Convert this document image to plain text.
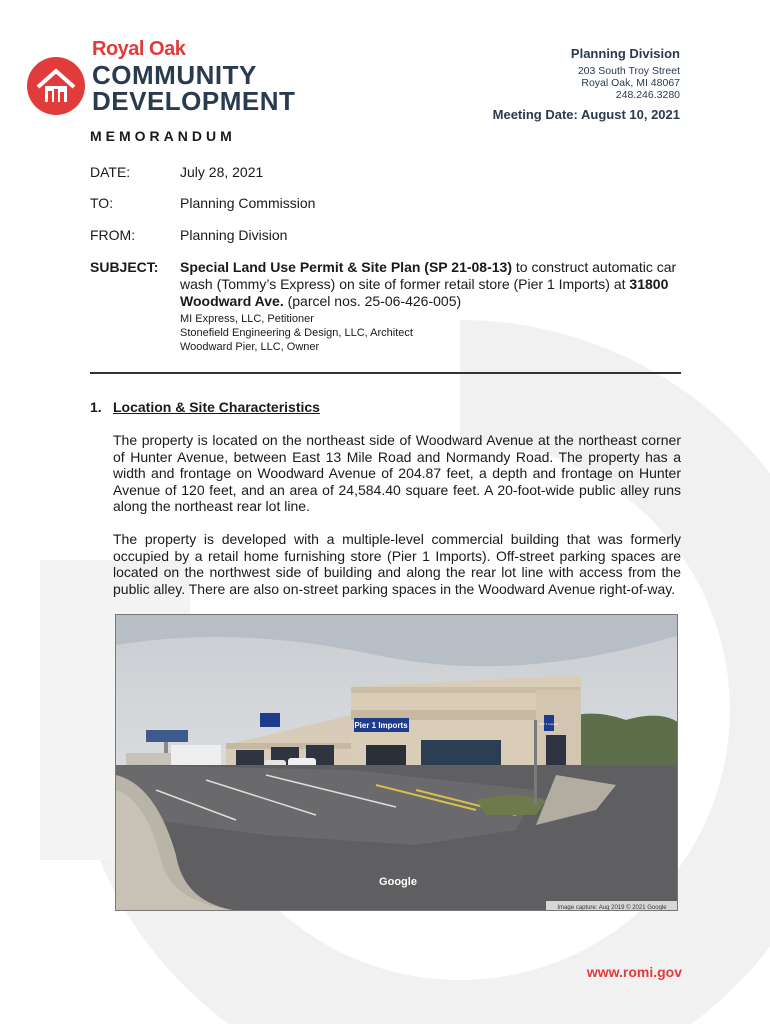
Royal Oak
COMMUNITY
DEVELOPMENT
Planning Division
203 South Troy Street
Royal Oak, MI 48067
248.246.3280
Meeting Date: August 10, 2021
MEMORANDUM
DATE:	July 28, 2021
TO:	Planning Commission
FROM:	Planning Division
SUBJECT:	Special Land Use Permit & Site Plan (SP 21-08-13) to construct automatic car wash (Tommy’s Express) on site of former retail store (Pier 1 Imports) at 31800 Woodward Ave. (parcel nos. 25-06-426-005)
MI Express, LLC, Petitioner
Stonefield Engineering & Design, LLC, Architect
Woodward Pier, LLC, Owner
1. Location & Site Characteristics
The property is located on the northeast side of Woodward Avenue at the northeast corner of Hunter Avenue, between East 13 Mile Road and Normandy Road. The property has a width and frontage on Woodward Avenue of 204.87 feet, a depth and frontage on Hunter Avenue of 120 feet, and an area of 24,584.40 square feet. A 20-foot-wide public alley runs along the northeast rear lot line.
The property is developed with a multiple-level commercial building that was formerly occupied by a retail home furnishing store (Pier 1 Imports). Off-street parking spaces are located on the northwest side of building and along the rear lot line with access from the public alley. There are also on-street parking spaces in the Woodward Avenue right-of-way.
Pier 1 Imports	Pier 1 Imports
Google
Image capture: Aug 2019 © 2021 Google
www.romi.gov
